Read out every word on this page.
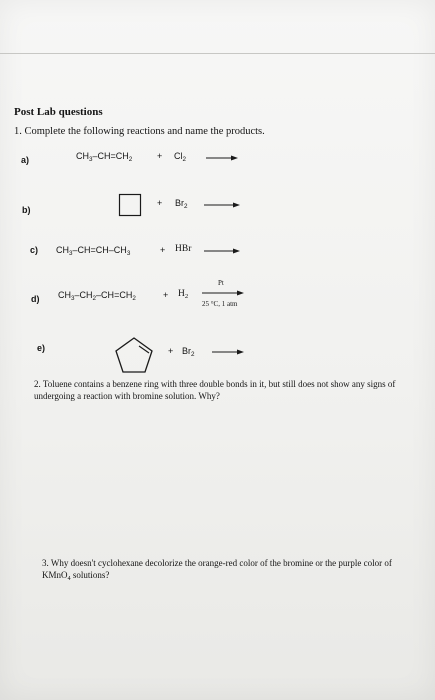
Post Lab questions
1. Complete the following reactions and name the products.
a)	$CH_3-CH=CH_2$	+ $Cl_2$
b)
+ $Br_2$
c) $CH_3-CH=CH-CH_3$	+ HBr
d) $CH_3-CH_2-CH=CH_2$	+ $H_2$
Pt
25 °C, 1 atm
e)	+ $Br_2$
2. Toluene contains a benzene ring with three double bonds in it, but still does not show any signs of undergoing a reaction with bromine solution. Why?
3. Why doesn't cyclohexane decolorize the orange-red color of the bromine or the purple color of KMnO$_4$ solutions?
